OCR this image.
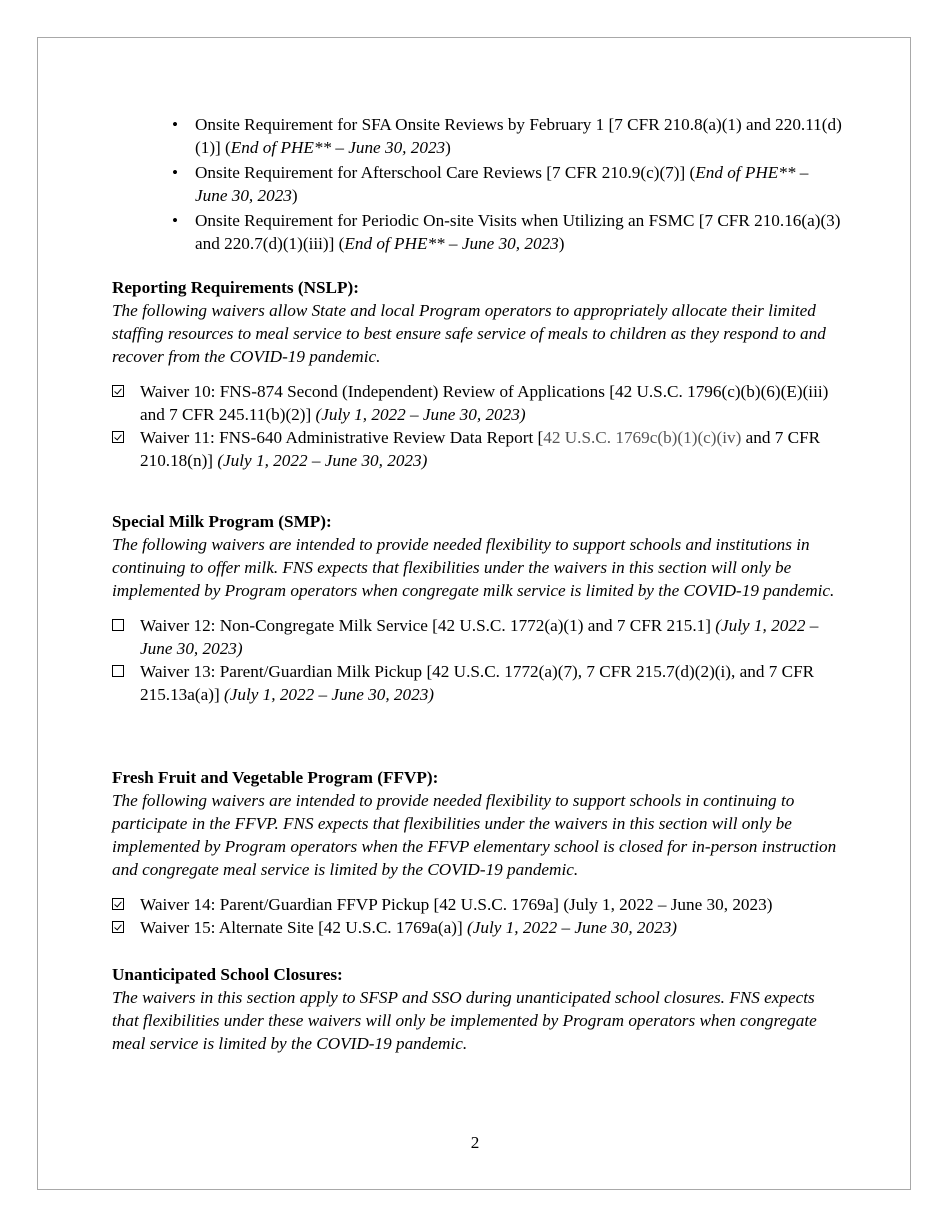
• Onsite Requirement for SFA Onsite Reviews by February 1 [7 CFR 210.8(a)(1) and 220.11(d)(1)] (End of PHE** – June 30, 2023)
• Onsite Requirement for Afterschool Care Reviews [7 CFR 210.9(c)(7)] (End of PHE** – June 30, 2023)
• Onsite Requirement for Periodic On-site Visits when Utilizing an FSMC [7 CFR 210.16(a)(3) and 220.7(d)(1)(iii)] (End of PHE** – June 30, 2023)

Reporting Requirements (NSLP):

The following waivers allow State and local Program operators to appropriately allocate their limited staffing resources to meal service to best ensure safe service of meals to children as they respond to and recover from the COVID-19 pandemic.

Waiver 10: FNS-874 Second (Independent) Review of Applications [42 U.S.C. 1796(c)(b)(6)(E)(iii) and 7 CFR 245.11(b)(2)] (July 1, 2022 – June 30, 2023)
Waiver 11: FNS-640 Administrative Review Data Report [42 U.S.C. 1769c(b)(1)(c)(iv) and 7 CFR 210.18(n)] (July 1, 2022 – June 30, 2023)

Special Milk Program (SMP):

The following waivers are intended to provide needed flexibility to support schools and institutions in continuing to offer milk. FNS expects that flexibilities under the waivers in this section will only be implemented by Program operators when congregate milk service is limited by the COVID-19 pandemic.

Waiver 12: Non-Congregate Milk Service [42 U.S.C. 1772(a)(1) and 7 CFR 215.1] (July 1, 2022 – June 30, 2023)
Waiver 13: Parent/Guardian Milk Pickup [42 U.S.C. 1772(a)(7), 7 CFR 215.7(d)(2)(i), and 7 CFR 215.13a(a)] (July 1, 2022 – June 30, 2023)

Fresh Fruit and Vegetable Program (FFVP):

The following waivers are intended to provide needed flexibility to support schools in continuing to participate in the FFVP. FNS expects that flexibilities under the waivers in this section will only be implemented by Program operators when the FFVP elementary school is closed for in-person instruction and congregate meal service is limited by the COVID-19 pandemic.

Waiver 14: Parent/Guardian FFVP Pickup [42 U.S.C. 1769a] (July 1, 2022 – June 30, 2023)
Waiver 15: Alternate Site [42 U.S.C. 1769a(a)] (July 1, 2022 – June 30, 2023)

Unanticipated School Closures:

The waivers in this section apply to SFSP and SSO during unanticipated school closures. FNS expects that flexibilities under these waivers will only be implemented by Program operators when congregate meal service is limited by the COVID-19 pandemic.

2
